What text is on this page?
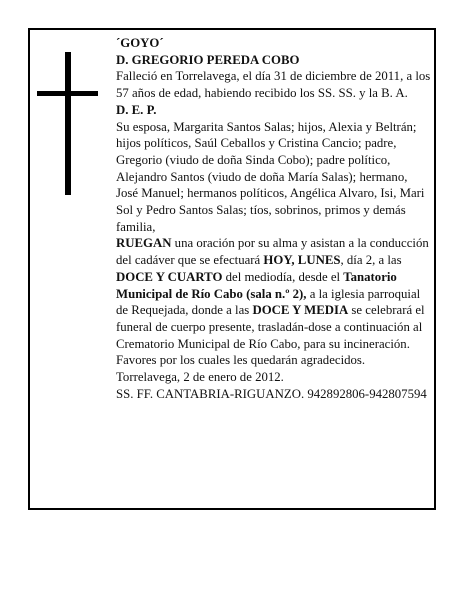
´GOYO´

D. GREGORIO PEREDA COBO

Falleció en Torrelavega, el día 31 de diciembre de 2011, a los 57 años de edad, habiendo recibido los SS. SS. y la B. A.

D. E. P.

Su esposa, Margarita Santos Salas; hijos, Alexia y Beltrán; hijos políticos, Saúl Ceballos y Cristina Cancio; padre, Gregorio (viudo de doña Sinda Cobo); padre político, Alejandro Santos (viudo de doña María Salas); hermano, José Manuel; hermanos políticos, Angélica Alvaro, Isi, Mari Sol y Pedro Santos Salas; tíos, sobrinos, primos y demás familia,

RUEGAN una oración por su alma y asistan a la conducción del cadáver que se efectuará HOY, LUNES, día 2, a las DOCE Y CUARTO del mediodía, desde el Tanatorio Municipal de Río Cabo (sala n.º 2), a la iglesia parroquial de Requejada, donde a las DOCE Y MEDIA se celebrará el funeral de cuerpo presente, trasladán-dose a continuación al Crematorio Municipal de Río Cabo, para su incineración. Favores por los cuales les quedarán agradecidos.

Torrelavega, 2 de enero de 2012.

SS. FF. CANTABRIA-RIGUANZO. 942892806-942807594
